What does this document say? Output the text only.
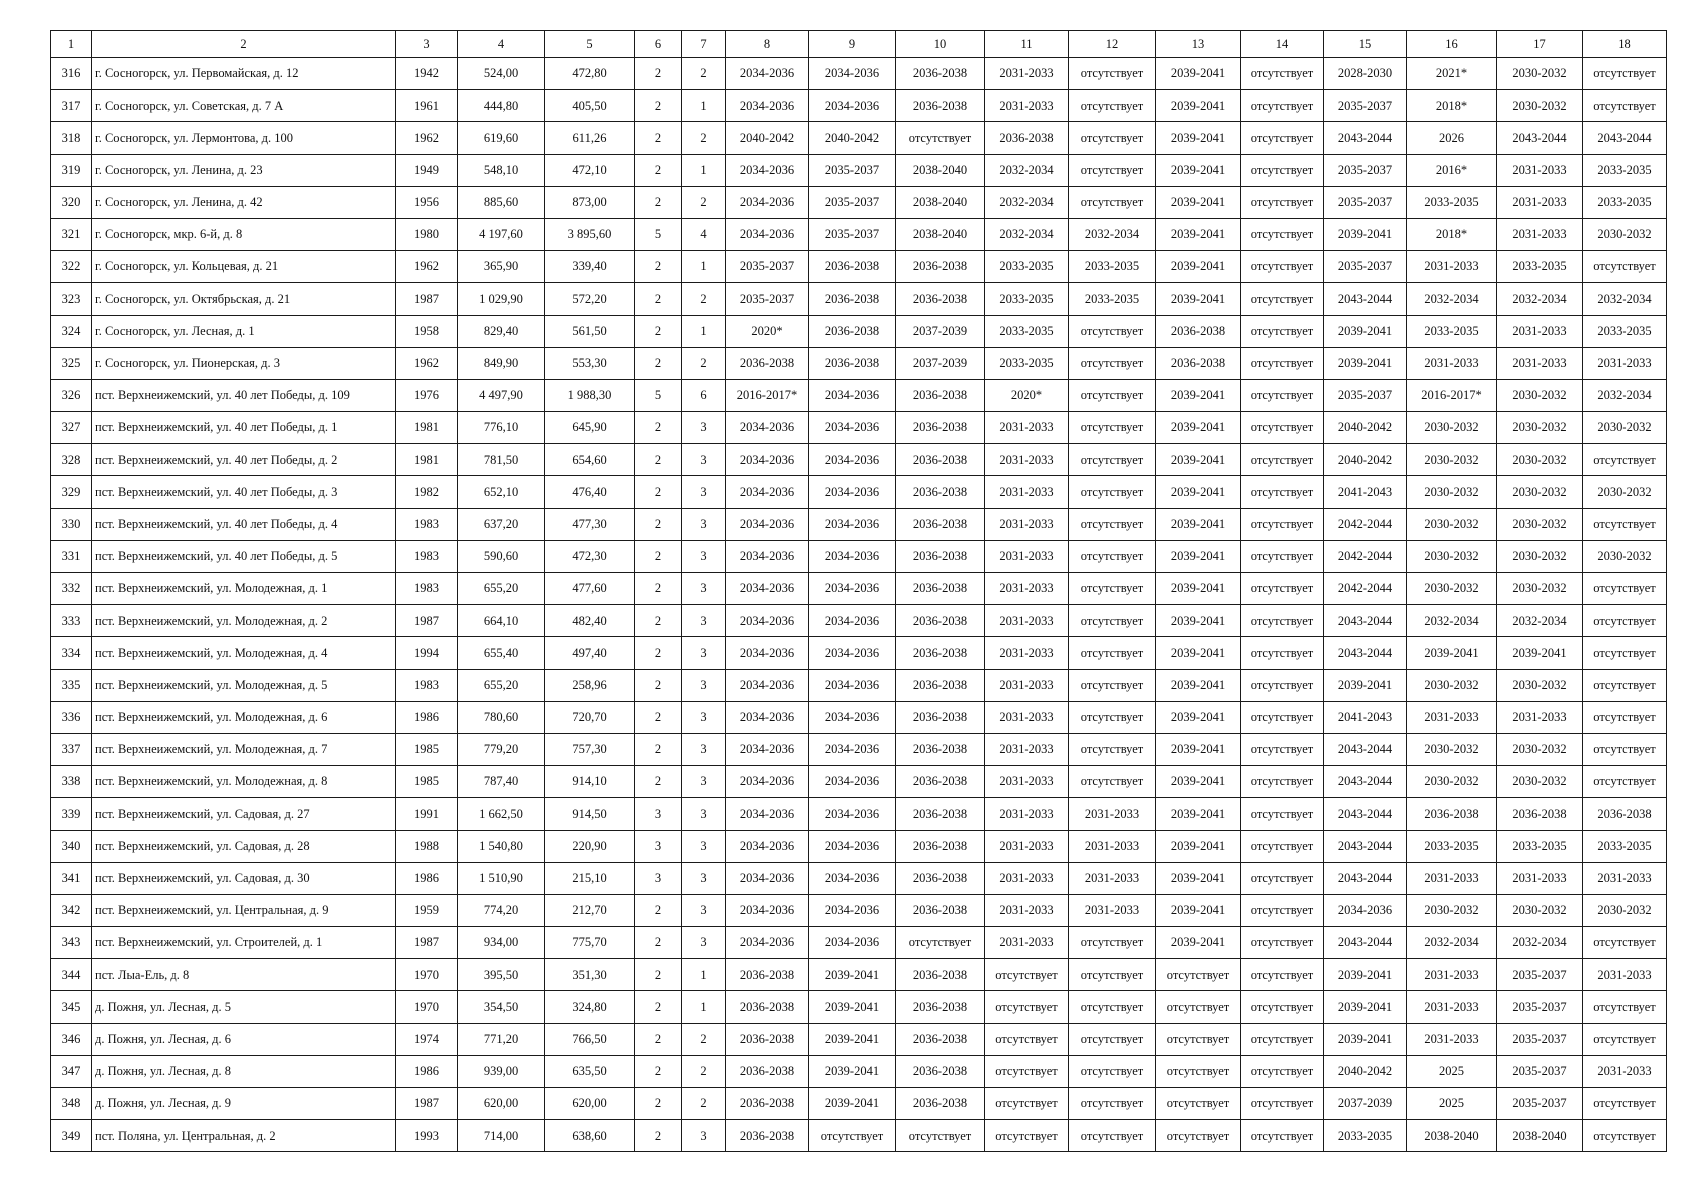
1	2	3	4	5	6	7	8	9	10	11	12	13	14	15	16	17	18
316	г. Сосногорск, ул. Первомайская, д. 12	1942	524,00	472,80	2	2	2034-2036	2034-2036	2036-2038	2031-2033	отсутствует	2039-2041	отсутствует	2028-2030	2021*	2030-2032	отсутствует
317	г. Сосногорск, ул. Советская, д. 7 А	1961	444,80	405,50	2	1	2034-2036	2034-2036	2036-2038	2031-2033	отсутствует	2039-2041	отсутствует	2035-2037	2018*	2030-2032	отсутствует
318	г. Сосногорск, ул. Лермонтова, д. 100	1962	619,60	611,26	2	2	2040-2042	2040-2042	отсутствует	2036-2038	отсутствует	2039-2041	отсутствует	2043-2044	2026	2043-2044	2043-2044
319	г. Сосногорск, ул. Ленина, д. 23	1949	548,10	472,10	2	1	2034-2036	2035-2037	2038-2040	2032-2034	отсутствует	2039-2041	отсутствует	2035-2037	2016*	2031-2033	2033-2035
320	г. Сосногорск, ул. Ленина, д. 42	1956	885,60	873,00	2	2	2034-2036	2035-2037	2038-2040	2032-2034	отсутствует	2039-2041	отсутствует	2035-2037	2033-2035	2031-2033	2033-2035
321	г. Сосногорск, мкр. 6-й, д. 8	1980	4 197,60	3 895,60	5	4	2034-2036	2035-2037	2038-2040	2032-2034	2032-2034	2039-2041	отсутствует	2039-2041	2018*	2031-2033	2030-2032
322	г. Сосногорск, ул. Кольцевая, д. 21	1962	365,90	339,40	2	1	2035-2037	2036-2038	2036-2038	2033-2035	2033-2035	2039-2041	отсутствует	2035-2037	2031-2033	2033-2035	отсутствует
323	г. Сосногорск, ул. Октябрьская, д. 21	1987	1 029,90	572,20	2	2	2035-2037	2036-2038	2036-2038	2033-2035	2033-2035	2039-2041	отсутствует	2043-2044	2032-2034	2032-2034	2032-2034
324	г. Сосногорск, ул. Лесная, д. 1	1958	829,40	561,50	2	1	2020*	2036-2038	2037-2039	2033-2035	отсутствует	2036-2038	отсутствует	2039-2041	2033-2035	2031-2033	2033-2035
325	г. Сосногорск, ул. Пионерская, д. 3	1962	849,90	553,30	2	2	2036-2038	2036-2038	2037-2039	2033-2035	отсутствует	2036-2038	отсутствует	2039-2041	2031-2033	2031-2033	2031-2033
326	пст. Верхнеижемский, ул. 40 лет Победы, д. 109	1976	4 497,90	1 988,30	5	6	2016-2017*	2034-2036	2036-2038	2020*	отсутствует	2039-2041	отсутствует	2035-2037	2016-2017*	2030-2032	2032-2034
327	пст. Верхнеижемский, ул. 40 лет Победы, д. 1	1981	776,10	645,90	2	3	2034-2036	2034-2036	2036-2038	2031-2033	отсутствует	2039-2041	отсутствует	2040-2042	2030-2032	2030-2032	2030-2032
328	пст. Верхнеижемский, ул. 40 лет Победы, д. 2	1981	781,50	654,60	2	3	2034-2036	2034-2036	2036-2038	2031-2033	отсутствует	2039-2041	отсутствует	2040-2042	2030-2032	2030-2032	отсутствует
329	пст. Верхнеижемский, ул. 40 лет Победы, д. 3	1982	652,10	476,40	2	3	2034-2036	2034-2036	2036-2038	2031-2033	отсутствует	2039-2041	отсутствует	2041-2043	2030-2032	2030-2032	2030-2032
330	пст. Верхнеижемский, ул. 40 лет Победы, д. 4	1983	637,20	477,30	2	3	2034-2036	2034-2036	2036-2038	2031-2033	отсутствует	2039-2041	отсутствует	2042-2044	2030-2032	2030-2032	отсутствует
331	пст. Верхнеижемский, ул. 40 лет Победы, д. 5	1983	590,60	472,30	2	3	2034-2036	2034-2036	2036-2038	2031-2033	отсутствует	2039-2041	отсутствует	2042-2044	2030-2032	2030-2032	2030-2032
332	пст. Верхнеижемский, ул. Молодежная, д. 1	1983	655,20	477,60	2	3	2034-2036	2034-2036	2036-2038	2031-2033	отсутствует	2039-2041	отсутствует	2042-2044	2030-2032	2030-2032	отсутствует
333	пст. Верхнеижемский, ул. Молодежная, д. 2	1987	664,10	482,40	2	3	2034-2036	2034-2036	2036-2038	2031-2033	отсутствует	2039-2041	отсутствует	2043-2044	2032-2034	2032-2034	отсутствует
334	пст. Верхнеижемский, ул. Молодежная, д. 4	1994	655,40	497,40	2	3	2034-2036	2034-2036	2036-2038	2031-2033	отсутствует	2039-2041	отсутствует	2043-2044	2039-2041	2039-2041	отсутствует
335	пст. Верхнеижемский, ул. Молодежная, д. 5	1983	655,20	258,96	2	3	2034-2036	2034-2036	2036-2038	2031-2033	отсутствует	2039-2041	отсутствует	2039-2041	2030-2032	2030-2032	отсутствует
336	пст. Верхнеижемский, ул. Молодежная, д. 6	1986	780,60	720,70	2	3	2034-2036	2034-2036	2036-2038	2031-2033	отсутствует	2039-2041	отсутствует	2041-2043	2031-2033	2031-2033	отсутствует
337	пст. Верхнеижемский, ул. Молодежная, д. 7	1985	779,20	757,30	2	3	2034-2036	2034-2036	2036-2038	2031-2033	отсутствует	2039-2041	отсутствует	2043-2044	2030-2032	2030-2032	отсутствует
338	пст. Верхнеижемский, ул. Молодежная, д. 8	1985	787,40	914,10	2	3	2034-2036	2034-2036	2036-2038	2031-2033	отсутствует	2039-2041	отсутствует	2043-2044	2030-2032	2030-2032	отсутствует
339	пст. Верхнеижемский, ул. Садовая, д. 27	1991	1 662,50	914,50	3	3	2034-2036	2034-2036	2036-2038	2031-2033	2031-2033	2039-2041	отсутствует	2043-2044	2036-2038	2036-2038	2036-2038
340	пст. Верхнеижемский, ул. Садовая, д. 28	1988	1 540,80	220,90	3	3	2034-2036	2034-2036	2036-2038	2031-2033	2031-2033	2039-2041	отсутствует	2043-2044	2033-2035	2033-2035	2033-2035
341	пст. Верхнеижемский, ул. Садовая, д. 30	1986	1 510,90	215,10	3	3	2034-2036	2034-2036	2036-2038	2031-2033	2031-2033	2039-2041	отсутствует	2043-2044	2031-2033	2031-2033	2031-2033
342	пст. Верхнеижемский, ул. Центральная, д. 9	1959	774,20	212,70	2	3	2034-2036	2034-2036	2036-2038	2031-2033	2031-2033	2039-2041	отсутствует	2034-2036	2030-2032	2030-2032	2030-2032
343	пст. Верхнеижемский, ул. Строителей, д. 1	1987	934,00	775,70	2	3	2034-2036	2034-2036	отсутствует	2031-2033	отсутствует	2039-2041	отсутствует	2043-2044	2032-2034	2032-2034	отсутствует
344	пст. Лыа-Ель, д. 8	1970	395,50	351,30	2	1	2036-2038	2039-2041	2036-2038	отсутствует	отсутствует	отсутствует	отсутствует	2039-2041	2031-2033	2035-2037	2031-2033
345	д. Пожня, ул. Лесная, д. 5	1970	354,50	324,80	2	1	2036-2038	2039-2041	2036-2038	отсутствует	отсутствует	отсутствует	отсутствует	2039-2041	2031-2033	2035-2037	отсутствует
346	д. Пожня, ул. Лесная, д. 6	1974	771,20	766,50	2	2	2036-2038	2039-2041	2036-2038	отсутствует	отсутствует	отсутствует	отсутствует	2039-2041	2031-2033	2035-2037	отсутствует
347	д. Пожня, ул. Лесная, д. 8	1986	939,00	635,50	2	2	2036-2038	2039-2041	2036-2038	отсутствует	отсутствует	отсутствует	отсутствует	2040-2042	2025	2035-2037	2031-2033
348	д. Пожня, ул. Лесная, д. 9	1987	620,00	620,00	2	2	2036-2038	2039-2041	2036-2038	отсутствует	отсутствует	отсутствует	отсутствует	2037-2039	2025	2035-2037	отсутствует
349	пст. Поляна, ул. Центральная, д. 2	1993	714,00	638,60	2	3	2036-2038	отсутствует	отсутствует	отсутствует	отсутствует	отсутствует	отсутствует	2033-2035	2038-2040	2038-2040	отсутствует
